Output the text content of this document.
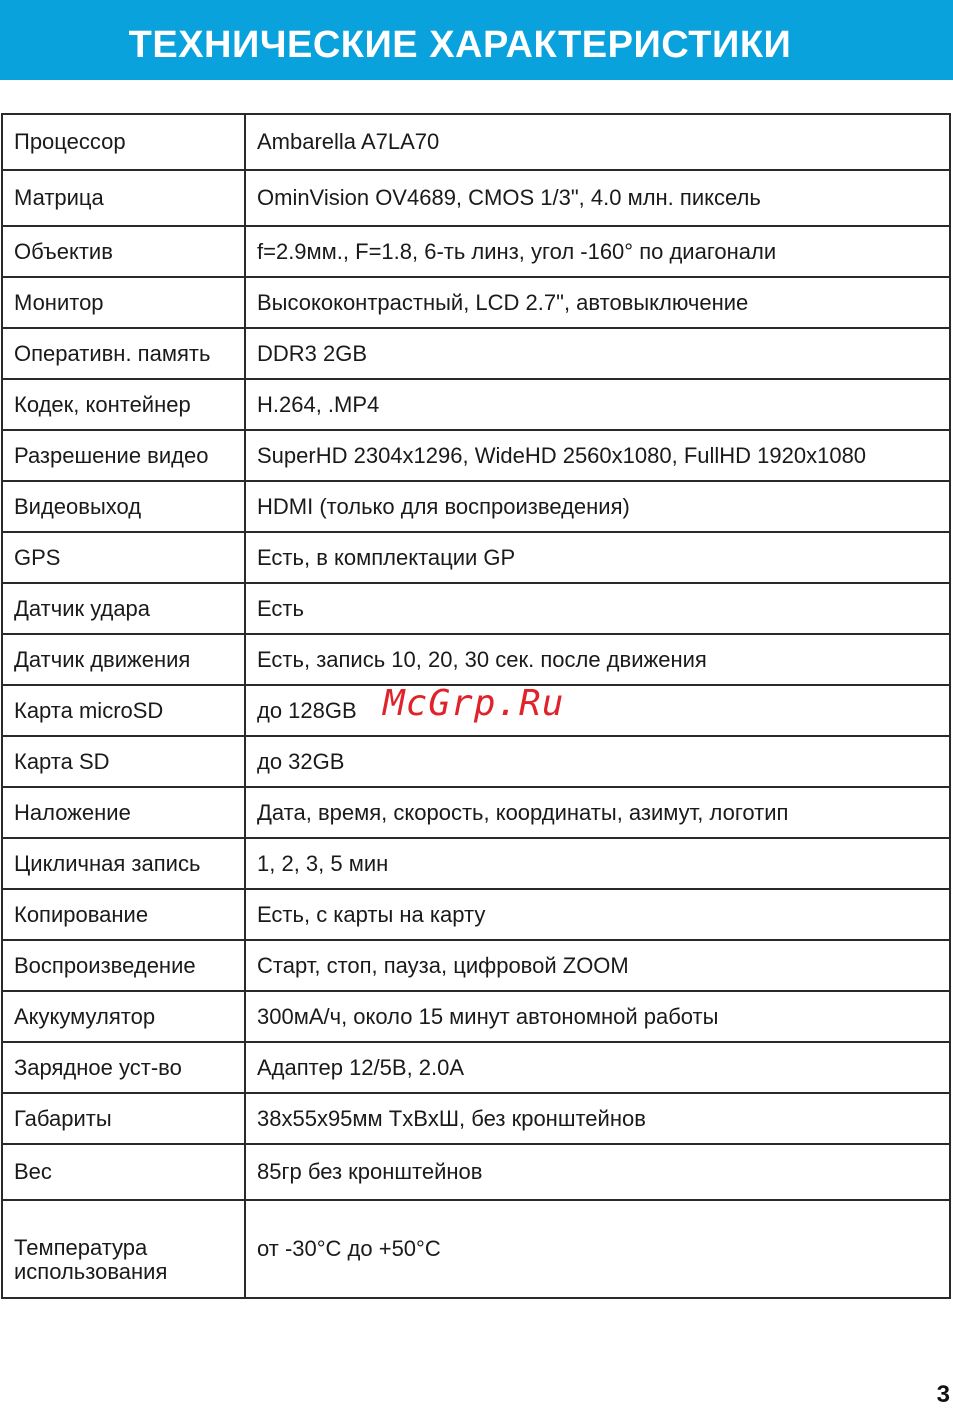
ТЕХНИЧЕСКИЕ ХАРАКТЕРИСТИКИ
Процессор	Ambarella A7LA70
Матрица	OminVision OV4689, CMOS 1/3", 4.0 млн. пиксель
Объектив	f=2.9мм., F=1.8, 6-ть линз, угол -160° по диагонали
Монитор	Высококонтрастный, LCD 2.7", автовыключение
Оперативн. память	DDR3 2GB
Кодек, контейнер	H.264, .MP4
Разрешение видео	SuperHD 2304x1296, WideHD 2560x1080, FullHD 1920x1080
Видеовыход	HDMI (только для воспроизведения)
GPS	Есть, в комплектации GP
Датчик удара	Есть
Датчик движения	Есть, запись 10, 20, 30 сек. после движения
Карта microSD	до 128GB
Карта SD	до 32GB
Наложение	Дата, время, скорость, координаты, азимут, логотип
Цикличная запись	1, 2, 3, 5 мин
Копирование	Есть, с карты на карту
Воспроизведение	Старт, стоп, пауза, цифровой ZOOM
Акукумулятор	300мА/ч, около 15 минут автономной работы
Зарядное уст-во	Адаптер 12/5В, 2.0А
Габариты	38x55x95мм ТxВxШ, без кронштейнов
Вес	85гр без кронштейнов
Температура использования	от -30°С до +50°С
McGrp.Ru
3
